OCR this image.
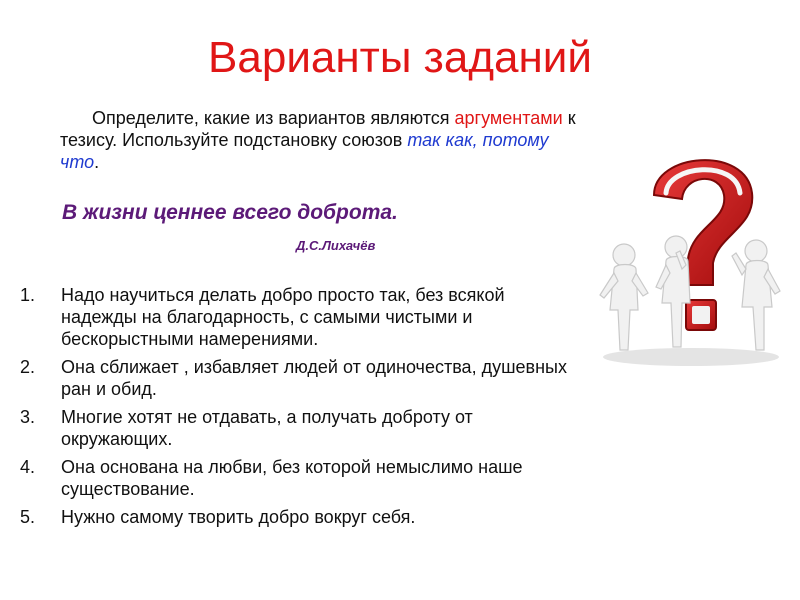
Варианты заданий
Определите, какие из вариантов являются аргументами к тезису. Используйте подстановку союзов так как, потому что.
В жизни ценнее всего доброта.
Д.С.Лихачёв
1. Надо научиться делать добро просто так, без всякой надежды на благодарность, с самыми чистыми и бескорыстными намерениями.
2. Она сближает , избавляет людей от одиночества, душевных ран и обид.
3. Многие хотят не отдавать, а получать доброту от окружающих.
4. Она основана на любви, без которой немыслимо наше существование.
5. Нужно самому творить добро вокруг себя.
